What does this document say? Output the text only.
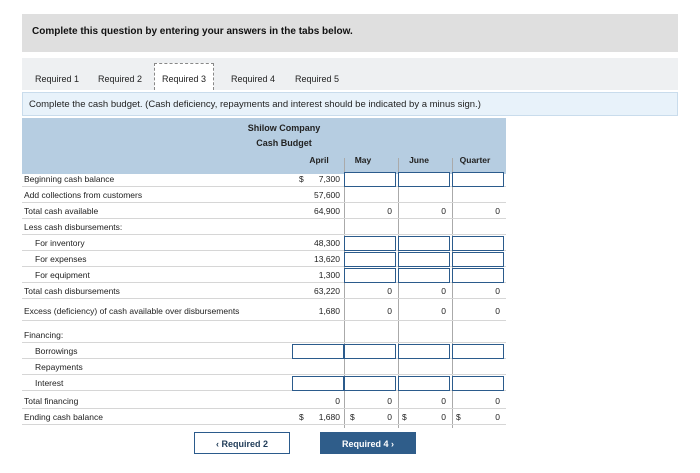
Complete this question by entering your answers in the tabs below.
Required 1	Required 2	Required 3	Required 4	Required 5
Complete the cash budget. (Cash deficiency, repayments and interest should be indicated by a minus sign.)
Shilow Company
Cash Budget
April	May	June	Quarter
Beginning cash balance	$	7,300
Add collections from customers	57,600
Total cash available	64,900	0	0	0
Less cash disbursements:
For inventory	48,300
For expenses	13,620
For equipment	1,300
Total cash disbursements	63,220	0	0	0
Excess (deficiency) of cash available over disbursements	1,680	0	0	0
Financing:
Borrowings
Repayments
Interest
Total financing	0	0	0	0
Ending cash balance	$	1,680 $	0 $	0 $	0
‹ Required 2	Required 4 ›
